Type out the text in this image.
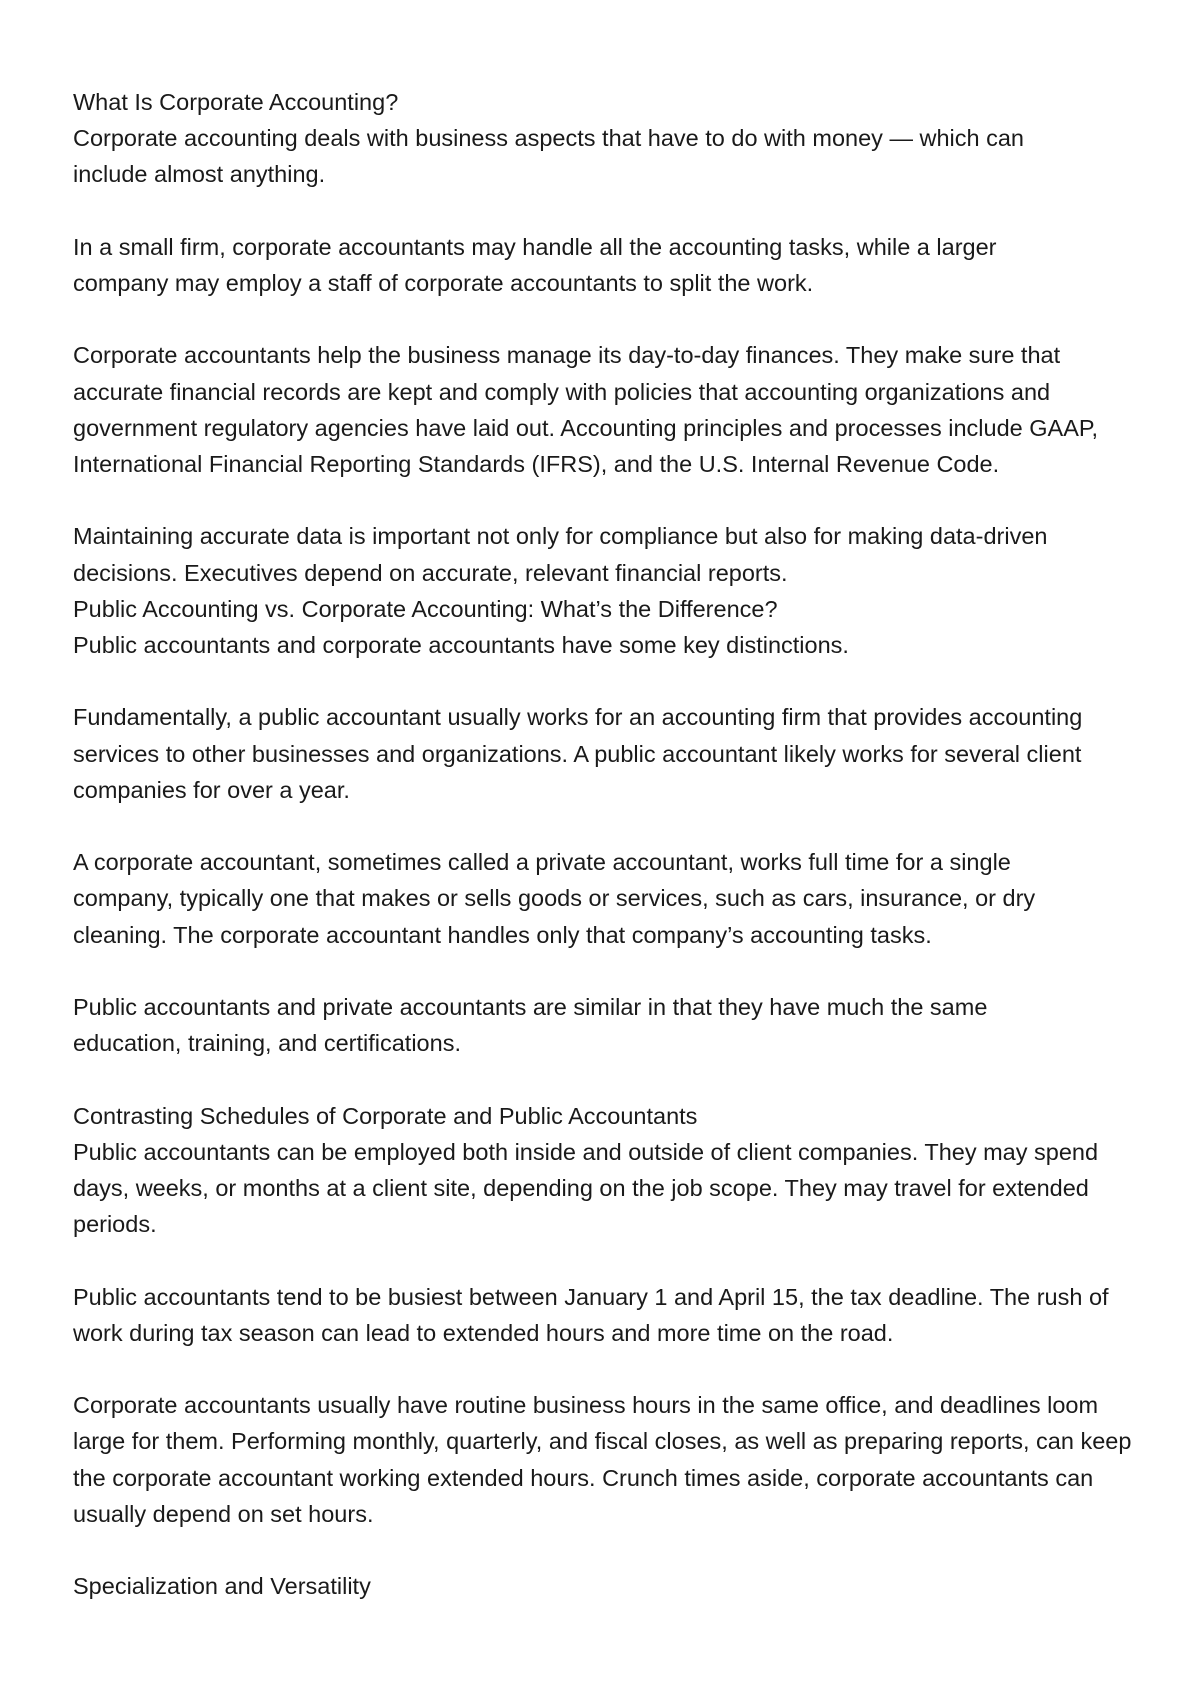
What Is Corporate Accounting?

Corporate accounting deals with business aspects that have to do with money — which can include almost anything.

In a small firm, corporate accountants may handle all the accounting tasks, while a larger company may employ a staff of corporate accountants to split the work.

Corporate accountants help the business manage its day-to-day finances. They make sure that accurate financial records are kept and comply with policies that accounting organizations and government regulatory agencies have laid out. Accounting principles and processes include GAAP, International Financial Reporting Standards (IFRS), and the U.S. Internal Revenue Code.

Maintaining accurate data is important not only for compliance but also for making data-driven decisions. Executives depend on accurate, relevant financial reports.

Public Accounting vs. Corporate Accounting: What’s the Difference?

Public accountants and corporate accountants have some key distinctions.

Fundamentally, a public accountant usually works for an accounting firm that provides accounting services to other businesses and organizations. A public accountant likely works for several client companies for over a year.

A corporate accountant, sometimes called a private accountant, works full time for a single company, typically one that makes or sells goods or services, such as cars, insurance, or dry cleaning. The corporate accountant handles only that company’s accounting tasks.

Public accountants and private accountants are similar in that they have much the same education, training, and certifications.

Contrasting Schedules of Corporate and Public Accountants

Public accountants can be employed both inside and outside of client companies. They may spend days, weeks, or months at a client site, depending on the job scope. They may travel for extended periods.

Public accountants tend to be busiest between January 1 and April 15, the tax deadline. The rush of work during tax season can lead to extended hours and more time on the road.

Corporate accountants usually have routine business hours in the same office, and deadlines loom large for them. Performing monthly, quarterly, and fiscal closes, as well as preparing reports, can keep the corporate accountant working extended hours. Crunch times aside, corporate accountants can usually depend on set hours.

Specialization and Versatility
